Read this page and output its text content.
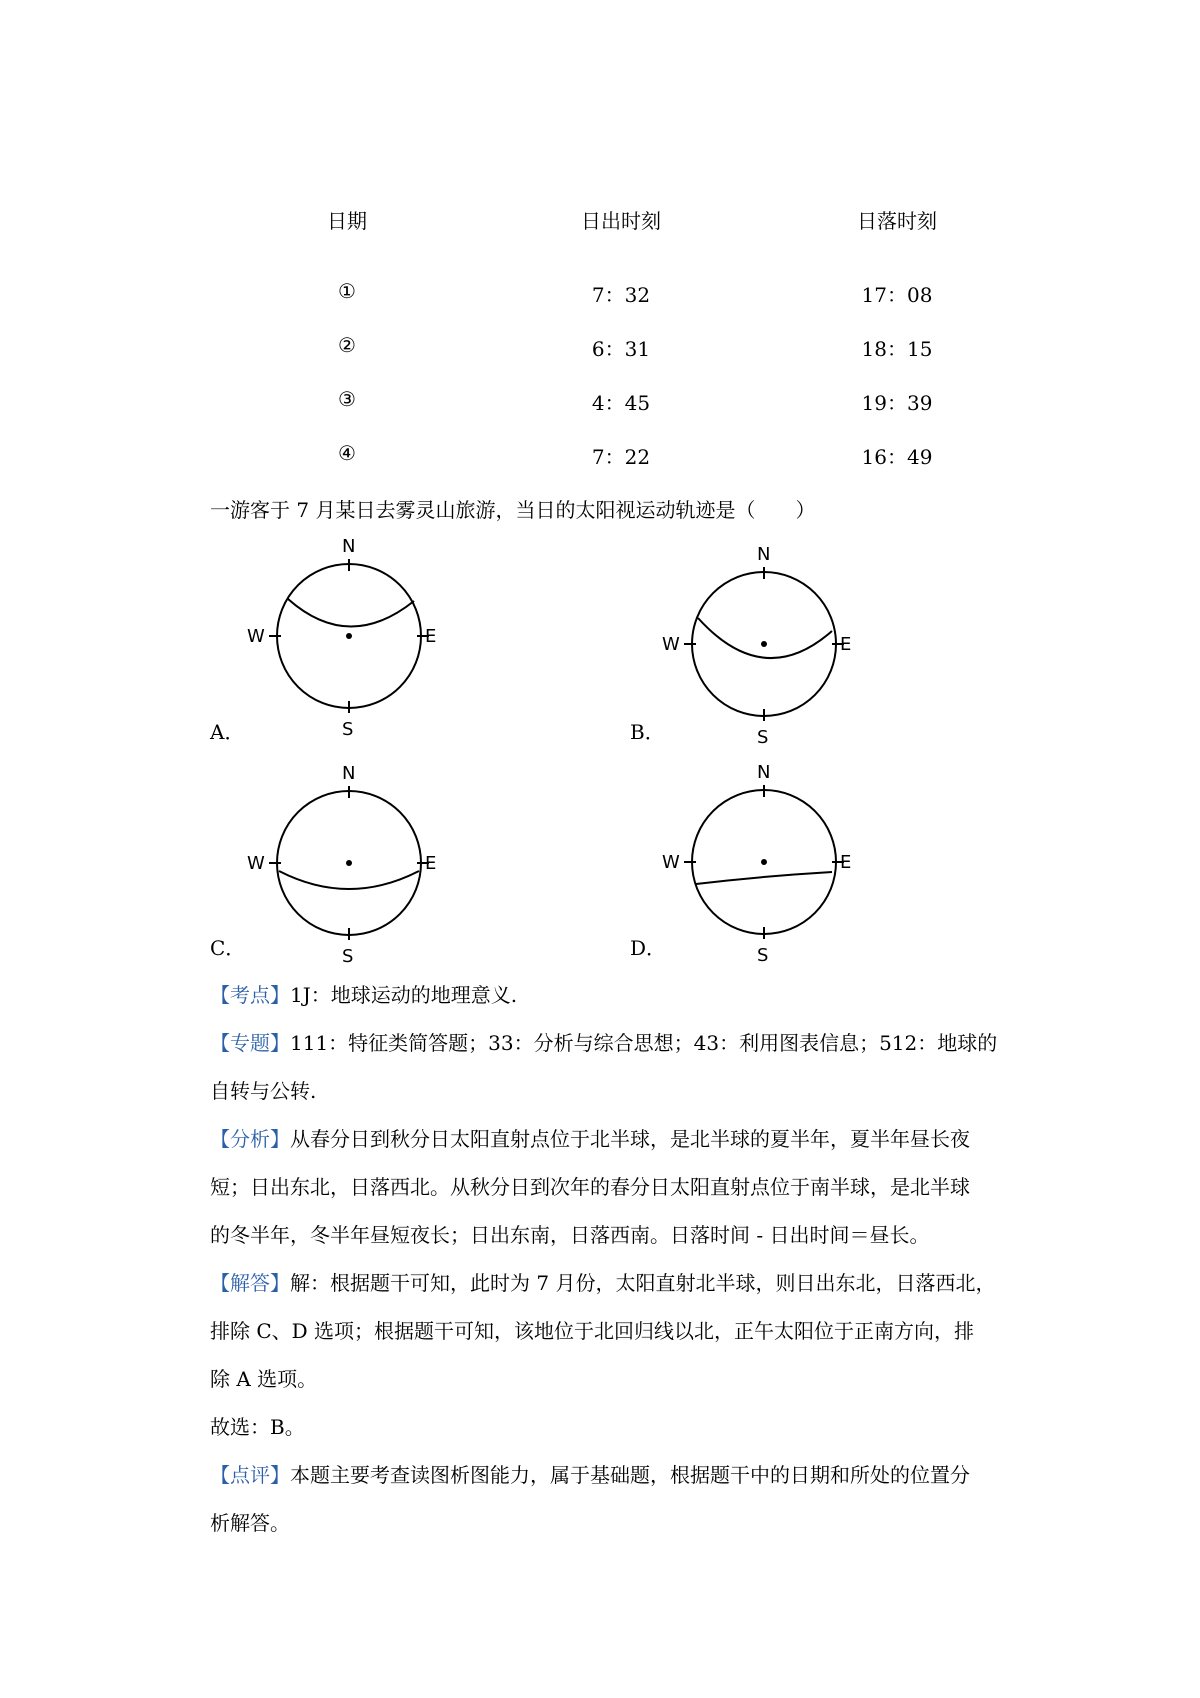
日期	日出时刻	日落时刻
①	7：32	17：08
②	6：31	18：15
③	4：45	19：39
④	7：22	16：49
一游客于 7 月某日去雾灵山旅游，当日的太阳视运动轨迹是（　　）
N
S
W	E
A．
N
S
W	E
B．
N
S
W	E
C．
N
S
W	E
D．
【考点】1J：地球运动的地理意义.
【专题】111：特征类简答题；33：分析与综合思想；43：利用图表信息；512：地球的
自转与公转.
【分析】从春分日到秋分日太阳直射点位于北半球，是北半球的夏半年，夏半年昼长夜
短；日出东北，日落西北。从秋分日到次年的春分日太阳直射点位于南半球，是北半球
的冬半年，冬半年昼短夜长；日出东南，日落西南。日落时间 - 日出时间＝昼长。
【解答】解：根据题干可知，此时为 7 月份，太阳直射北半球，则日出东北，日落西北，
排除 C、D 选项；根据题干可知，该地位于北回归线以北，正午太阳位于正南方向，排
除 A 选项。
故选：B。
【点评】本题主要考查读图析图能力，属于基础题，根据题干中的日期和所处的位置分
析解答。
